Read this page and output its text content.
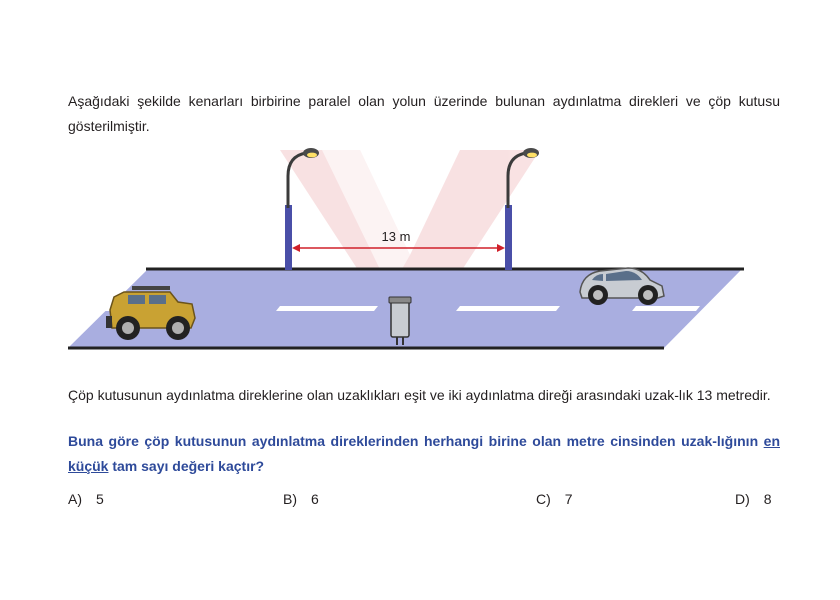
Aşağıdaki şekilde kenarları birbirine paralel olan yolun üzerinde bulunan aydınlatma direkleri ve çöp kutusu gösterilmiştir.

13 m

Çöp kutusunun aydınlatma direklerine olan uzaklıkları eşit ve iki aydınlatma direği arasındaki uzak-lık 13 metredir.

Buna göre çöp kutusunun aydınlatma direklerinden herhangi birine olan metre cinsinden uzak-lığının en küçük tam sayı değeri kaçtır?

A) 5	B) 6	C) 7	D) 8
